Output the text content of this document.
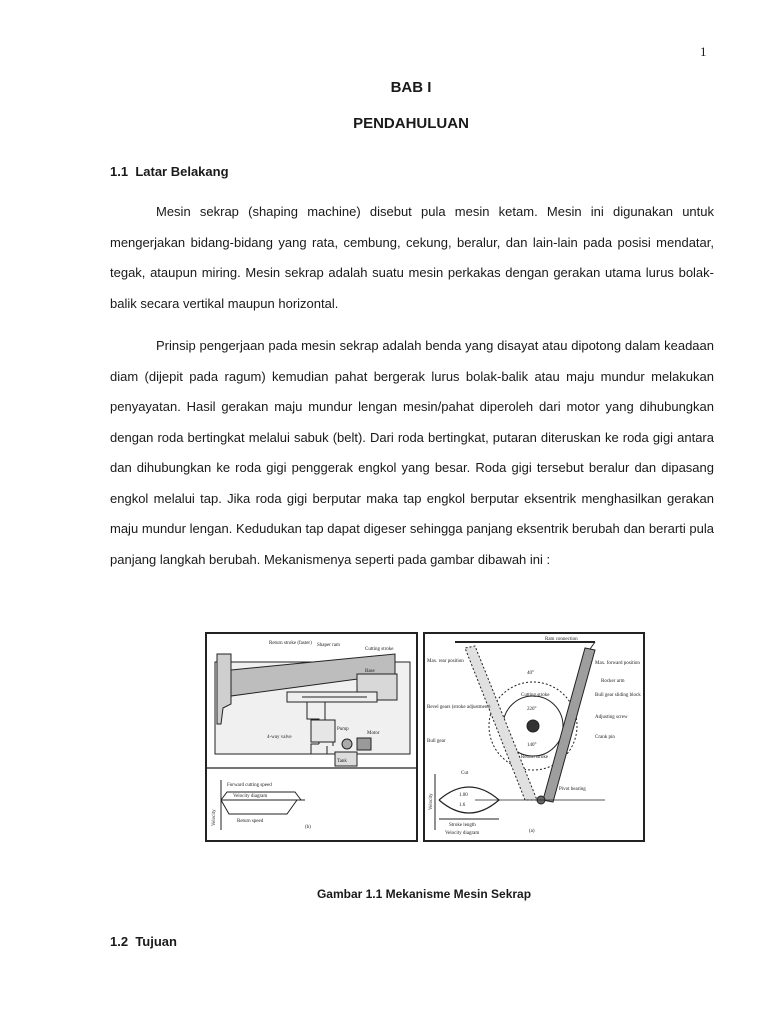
1
BAB I
PENDAHULUAN
1.1 Latar Belakang

Mesin sekrap (shaping machine) disebut pula mesin ketam. Mesin ini digunakan untuk mengerjakan bidang-bidang yang rata, cembung, cekung, beralur, dan lain-lain pada posisi mendatar, tegak, ataupun miring. Mesin sekrap adalah suatu mesin perkakas dengan gerakan utama lurus bolak-balik secara vertikal maupun horizontal.

Prinsip pengerjaan pada mesin sekrap adalah benda yang disayat atau dipotong dalam keadaan diam (dijepit pada ragum) kemudian pahat bergerak lurus bolak-balik atau maju mundur melakukan penyayatan. Hasil gerakan maju mundur lengan mesin/pahat diperoleh dari motor yang dihubungkan dengan roda bertingkat melalui sabuk (belt). Dari roda bertingkat, putaran diteruskan ke roda gigi antara dan dihubungkan ke roda gigi penggerak engkol yang besar. Roda gigi tersebut beralur dan dipasang engkol melalui tap. Jika roda gigi berputar maka tap engkol berputar eksentrik menghasilkan gerakan maju mundur lengan. Kedudukan tap dapat digeser sehingga panjang eksentrik berubah dan berarti pula panjang langkah berubah. Mekanismenya seperti pada gambar dibawah ini :

Return stroke (faster) Shaper ram
Cutting stroke
Base
4-way valve
Pump
Motor
Tank
Forward cutting speed
Velocity diagram
Return speed
Velocity
(b)
Ram connection
Max. rear position	Max. forward position
Rocker arm
Bull gear sliding block
Bevel gears (stroke adjustment)
Adjusting screw
Cutting stroke
220°
140°
40°
Return stroke
Bull gear
Crank pin
Pivot bearing
Cut
1.00
1.6
Stroke length
Velocity diagram
Velocity
(a)
Gambar 1.1 Mekanisme Mesin Sekrap
1.2 Tujuan
